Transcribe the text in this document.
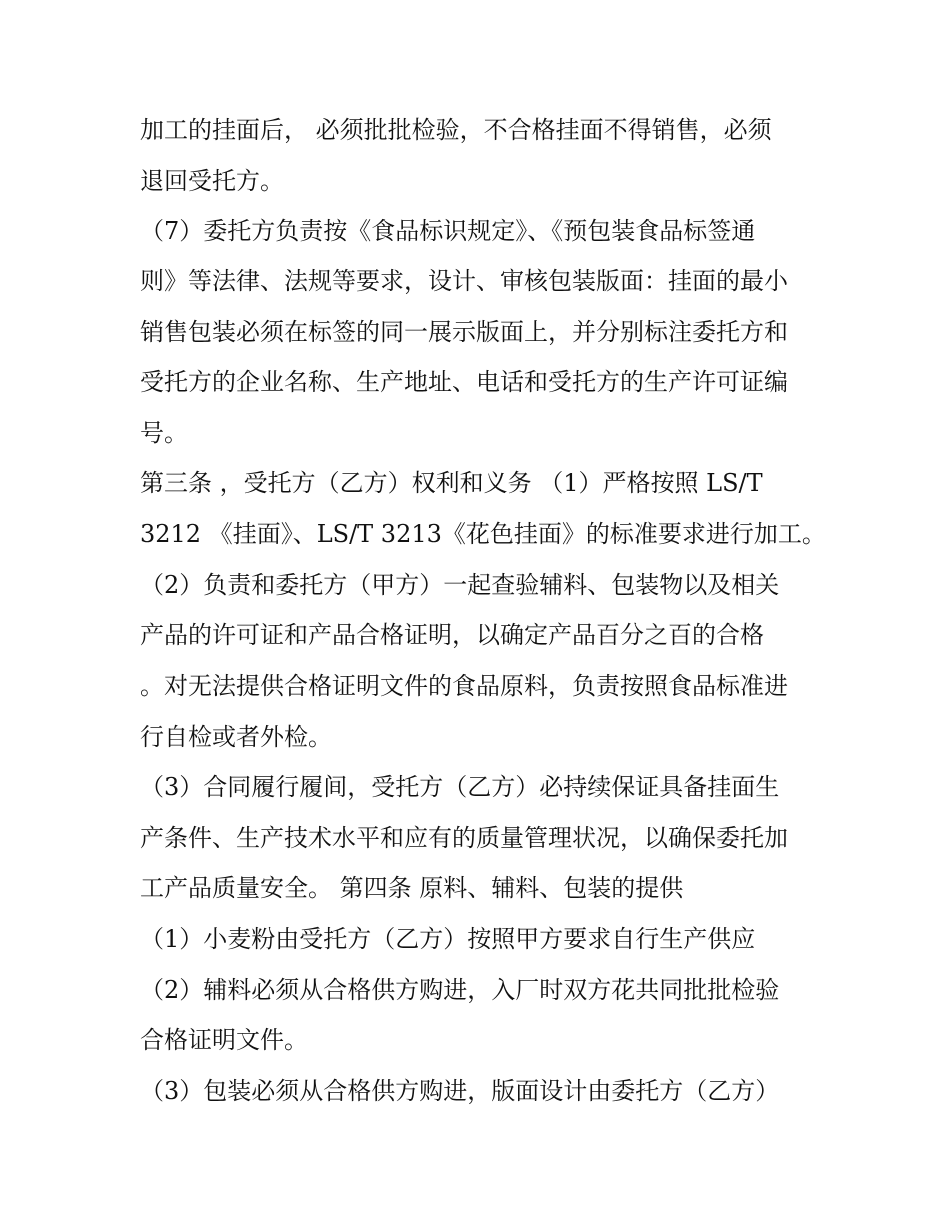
加工的挂面后， 必须批批检验，不合格挂面不得销售，必须
退回受托方。
（7）委托方负责按《食品标识规定》、《预包装食品标签通
则》等法律、法规等要求，设计、审核包装版面：挂面的最小
销售包装必须在标签的同一展示版面上，并分别标注委托方和
受托方的企业名称、生产地址、电话和受托方的生产许可证编
号。
第三条 ，受托方（乙方）权利和义务 （1）严格按照 LS/T
3212 《挂面》、LS/T 3213《花色挂面》的标准要求进行加工。
（2）负责和委托方（甲方）一起查验辅料、包装物以及相关
产品的许可证和产品合格证明，以确定产品百分之百的合格
。对无法提供合格证明文件的食品原料，负责按照食品标准进
行自检或者外检。
（3）合同履行履间，受托方（乙方）必持续保证具备挂面生
产条件、生产技术水平和应有的质量管理状况，以确保委托加
工产品质量安全。 第四条 原料、辅料、包装的提供
（1）小麦粉由受托方（乙方）按照甲方要求自行生产供应
（2）辅料必须从合格供方购进，入厂时双方花共同批批检验
合格证明文件。
（3）包装必须从合格供方购进，版面设计由委托方（乙方）
